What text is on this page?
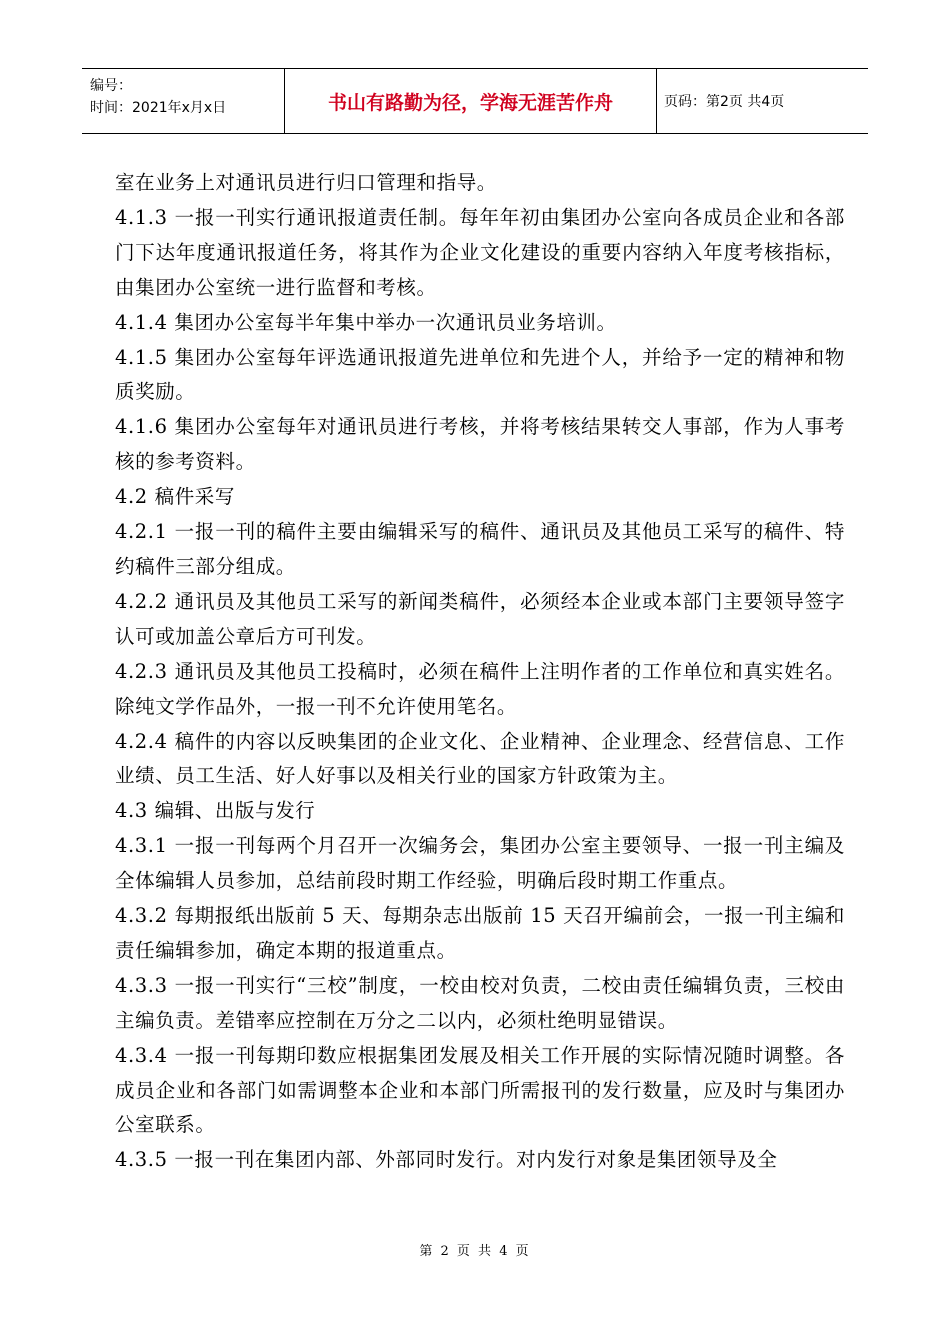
编号：
时间：2021年x月x日	书山有路勤为径，学海无涯苦作舟	页码：第2页 共4页

室在业务上对通讯员进行归口管理和指导。

4.1.3 一报一刊实行通讯报道责任制。每年年初由集团办公室向各成员企业和各部门下达年度通讯报道任务，将其作为企业文化建设的重要内容纳入年度考核指标，由集团办公室统一进行监督和考核。

4.1.4 集团办公室每半年集中举办一次通讯员业务培训。

4.1.5 集团办公室每年评选通讯报道先进单位和先进个人，并给予一定的精神和物质奖励。

4.1.6 集团办公室每年对通讯员进行考核，并将考核结果转交人事部，作为人事考核的参考资料。

4.2 稿件采写

4.2.1 一报一刊的稿件主要由编辑采写的稿件、通讯员及其他员工采写的稿件、特约稿件三部分组成。

4.2.2 通讯员及其他员工采写的新闻类稿件，必须经本企业或本部门主要领导签字认可或加盖公章后方可刊发。

4.2.3 通讯员及其他员工投稿时，必须在稿件上注明作者的工作单位和真实姓名。除纯文学作品外，一报一刊不允许使用笔名。

4.2.4 稿件的内容以反映集团的企业文化、企业精神、企业理念、经营信息、工作业绩、员工生活、好人好事以及相关行业的国家方针政策为主。

4.3 编辑、出版与发行

4.3.1 一报一刊每两个月召开一次编务会，集团办公室主要领导、一报一刊主编及全体编辑人员参加，总结前段时期工作经验，明确后段时期工作重点。

4.3.2 每期报纸出版前 5 天、每期杂志出版前 15 天召开编前会，一报一刊主编和责任编辑参加，确定本期的报道重点。

4.3.3 一报一刊实行“三校”制度，一校由校对负责，二校由责任编辑负责，三校由主编负责。差错率应控制在万分之二以内，必须杜绝明显错误。

4.3.4 一报一刊每期印数应根据集团发展及相关工作开展的实际情况随时调整。各成员企业和各部门如需调整本企业和本部门所需报刊的发行数量，应及时与集团办公室联系。

4.3.5 一报一刊在集团内部、外部同时发行。对内发行对象是集团领导及全

第 2 页 共 4 页
